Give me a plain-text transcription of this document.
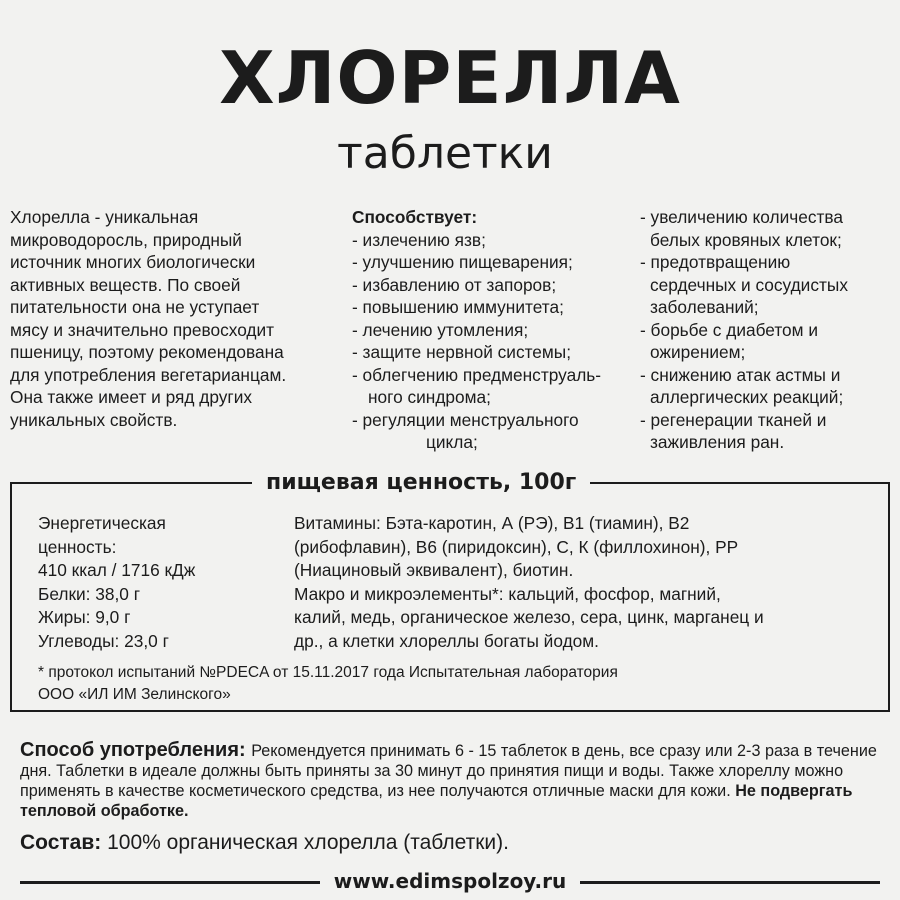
ХЛОРЕЛЛА
таблетки
Хлорелла - уникальная
микроводоросль, природный
источник многих биологически
активных веществ. По своей
питательности она не уступает
мясу и значительно превосходит
пшеницу, поэтому рекомендована
для употребления вегетарианцам.
Она также имеет и ряд других
уникальных свойств.
Способствует:
- излечению язв;
- улучшению пищеварения;
- избавлению от запоров;
- повышению иммунитета;
- лечению утомления;
- защите нервной системы;
- облегчению предменструаль-
ного синдрома;
- регуляции менструального
цикла;
- увеличению количества
белых кровяных клеток;
- предотвращению
сердечных и сосудистых
заболеваний;
- борьбе с диабетом и
ожирением;
- снижению атак астмы и
аллергических реакций;
- регенерации тканей и
заживления ран.
пищевая ценность, 100г
Энергетическая
ценность:
410 ккал / 1716 кДж
Белки: 38,0 г
Жиры: 9,0 г
Углеводы: 23,0 г
Витамины: Бэта-каротин, А (РЭ), В1 (тиамин), В2
(рибофлавин), В6 (пиридоксин), С, К (филлохинон), РР
(Ниациновый эквивалент), биотин.
Макро и микроэлементы*: кальций, фосфор, магний,
калий, медь, органическое железо, сера, цинк, марганец и
др., а клетки хлореллы богаты йодом.
* протокол испытаний №PDECA от 15.11.2017 года Испытательная лаборатория
ООО «ИЛ ИМ Зелинского»
Способ употребления: Рекомендуется принимать 6 - 15 таблеток в день, все сразу или 2-3 раза в течение дня. Таблетки в идеале должны быть приняты за 30 минут до принятия пищи и воды. Также хлореллу можно применять в качестве косметического средства, из нее получаются отличные маски для кожи. Не подвергать тепловой обработке.
Состав: 100% органическая хлорелла (таблетки).
www.edimspolzoy.ru
